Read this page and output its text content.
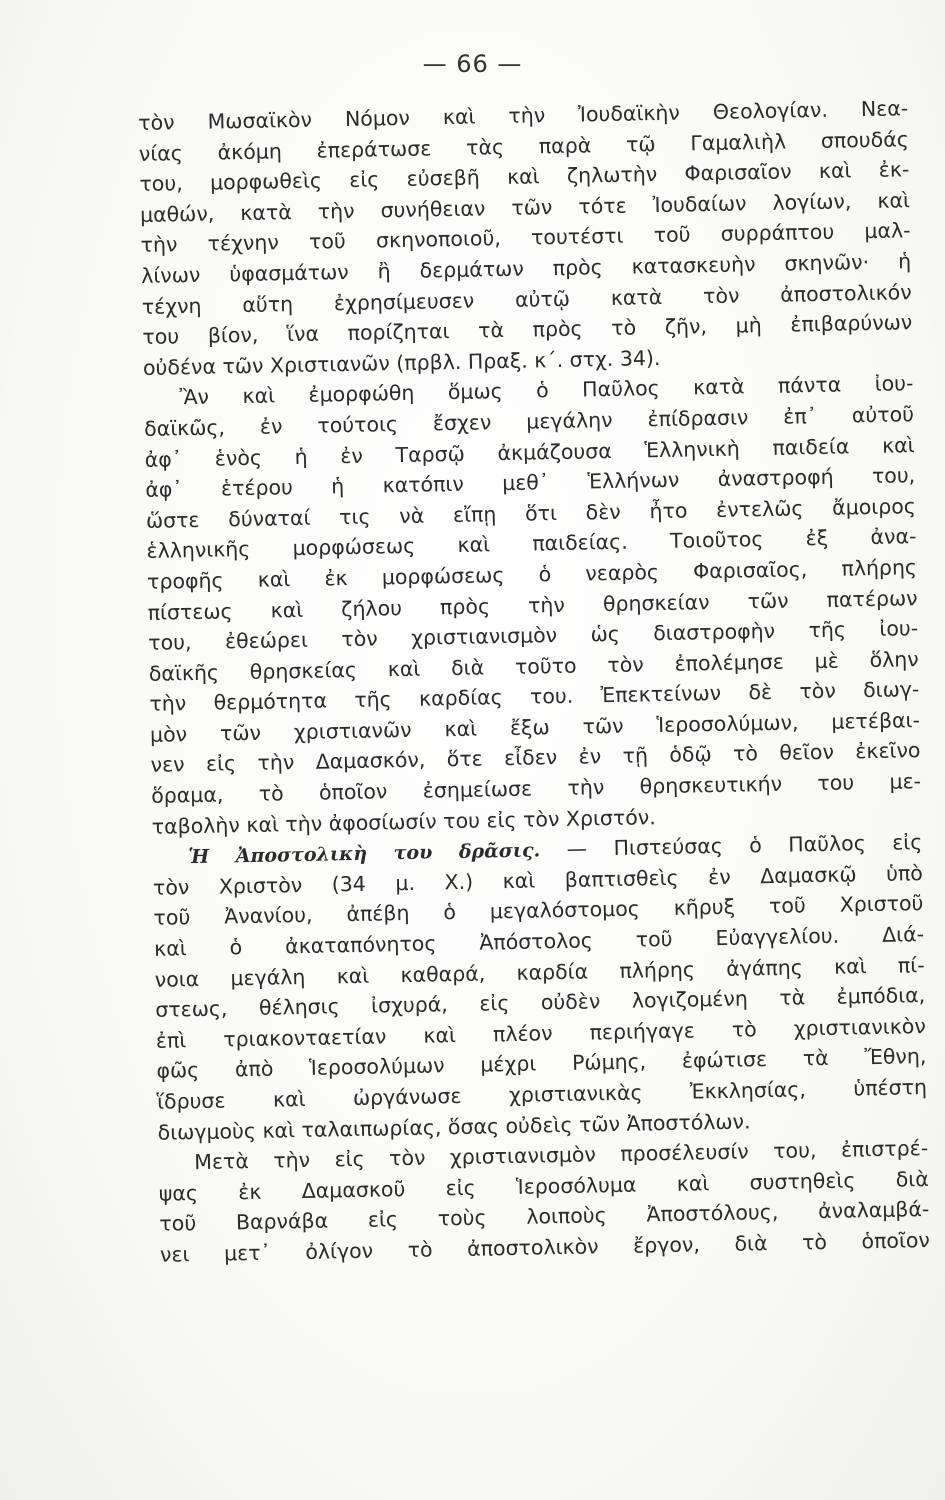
— 66 —
τὸν Μωσαϊκὸν Νόμον καὶ τὴν Ἰουδαϊκὴν Θεολογίαν. Νεα-
νίας ἀκόμη ἐπεράτωσε τὰς παρὰ τῷ Γαμαλιὴλ σπουδάς
του, μορφωθεὶς εἰς εὐσεβῆ καὶ ζηλωτὴν Φαρισαῖον καὶ ἐκ-
μαθών, κατὰ τὴν συνήθειαν τῶν τότε Ἰουδαίων λογίων, καὶ
τὴν τέχνην τοῦ σκηνοποιοῦ, τουτέστι τοῦ συρράπτου μαλ-
λίνων ὑφασμάτων ἢ δερμάτων πρὸς κατασκευὴν σκηνῶν· ἡ
τέχνη αὕτη ἐχρησίμευσεν αὐτῷ κατὰ τὸν ἀποστολικόν
του βίον, ἵνα πορίζηται τὰ πρὸς τὸ ζῆν, μὴ ἐπιβαρύνων
οὐδένα τῶν Χριστιανῶν (πρβλ. Πραξ. κ΄. στχ. 34).
Ἂν καὶ ἐμορφώθη ὅμως ὁ Παῦλος κατὰ πάντα ἰου-
δαϊκῶς, ἐν τούτοις ἔσχεν μεγάλην ἐπίδρασιν ἐπ᾽ αὐτοῦ
ἀφ᾽ ἑνὸς ἡ ἐν Ταρσῷ ἀκμάζουσα Ἑλληνικὴ παιδεία καὶ
ἀφ᾽ ἑτέρου ἡ κατόπιν μεθ᾽ Ἑλλήνων ἀναστροφή του,
ὥστε δύναταί τις νὰ εἴπῃ ὅτι δὲν ἦτο ἐντελῶς ἄμοιρος
ἑλληνικῆς μορφώσεως καὶ παιδείας. Τοιοῦτος ἐξ ἀνα-
τροφῆς καὶ ἐκ μορφώσεως ὁ νεαρὸς Φαρισαῖος, πλήρης
πίστεως καὶ ζήλου πρὸς τὴν θρησκείαν τῶν πατέρων
του, ἐθεώρει τὸν χριστιανισμὸν ὡς διαστροφὴν τῆς ἰου-
δαϊκῆς θρησκείας καὶ διὰ τοῦτο τὸν ἐπολέμησε μὲ ὅλην
τὴν θερμότητα τῆς καρδίας του. Ἐπεκτείνων δὲ τὸν διωγ-
μὸν τῶν χριστιανῶν καὶ ἔξω τῶν Ἱεροσολύμων, μετέβαι-
νεν εἰς τὴν Δαμασκόν, ὅτε εἶδεν ἐν τῇ ὁδῷ τὸ θεῖον ἐκεῖνο
ὅραμα, τὸ ὁποῖον ἐσημείωσε τὴν θρησκευτικήν του με-
ταβολὴν καὶ τὴν ἀφοσίωσίν του εἰς τὸν Χριστόν.
Ἡ Ἀποστολικὴ του δρᾶσις. — Πιστεύσας ὁ Παῦλος εἰς
τὸν Χριστὸν (34 μ. Χ.) καὶ βαπτισθεὶς ἐν Δαμασκῷ ὑπὸ
τοῦ Ἀνανίου, ἀπέβη ὁ μεγαλόστομος κῆρυξ τοῦ Χριστοῦ
καὶ ὁ ἀκαταπόνητος Ἀπόστολος τοῦ Εὐαγγελίου. Διά-
νοια μεγάλη καὶ καθαρά, καρδία πλήρης ἀγάπης καὶ πί-
στεως, θέλησις ἰσχυρά, εἰς οὐδὲν λογιζομένη τὰ ἐμπόδια,
ἐπὶ τριακονταετίαν καὶ πλέον περιήγαγε τὸ χριστιανικὸν
φῶς ἀπὸ Ἱεροσολύμων μέχρι Ρώμης, ἐφώτισε τὰ Ἔθνη,
ἵδρυσε καὶ ὠργάνωσε χριστιανικὰς Ἐκκλησίας, ὑπέστη
διωγμοὺς καὶ ταλαιπωρίας, ὅσας οὐδεὶς τῶν Ἀποστόλων.
Μετὰ τὴν εἰς τὸν χριστιανισμὸν προσέλευσίν του, ἐπιστρέ-
ψας ἐκ Δαμασκοῦ εἰς Ἱεροσόλυμα καὶ συστηθεὶς διὰ
τοῦ Βαρνάβα εἰς τοὺς λοιποὺς Ἀποστόλους, ἀναλαμβά-
νει μετ᾽ ὀλίγον τὸ ἀποστολικὸν ἔργον, διὰ τὸ ὁποῖον
